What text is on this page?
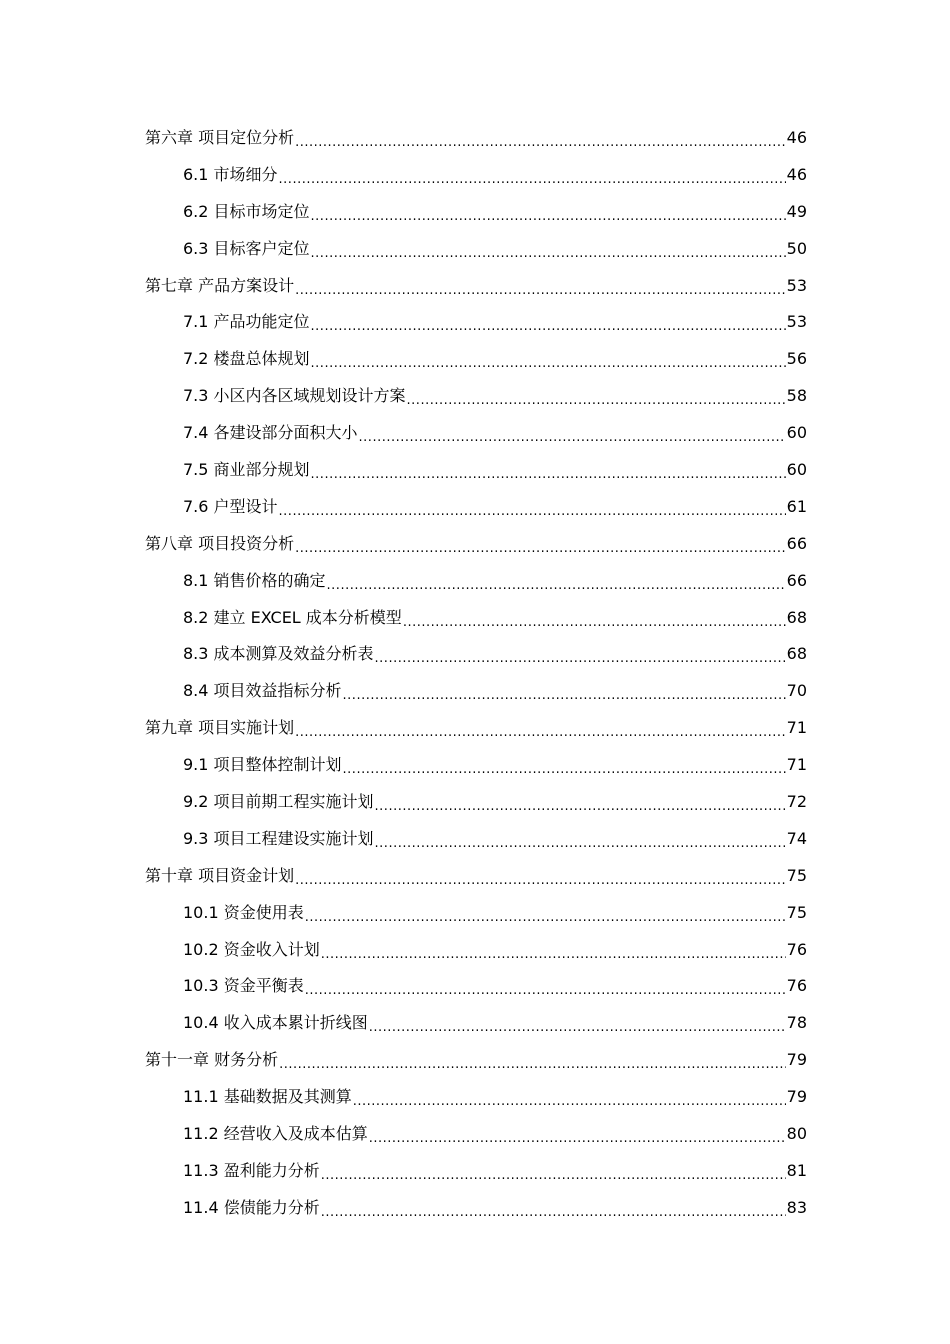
第六章 项目定位分析 .....	46
6.1 市场细分 .....	46
6.2 目标市场定位 .....	49
6.3 目标客户定位 .....	50
第七章 产品方案设计 .....	53
7.1 产品功能定位 .....	53
7.2 楼盘总体规划 .....	56
7.3 小区内各区域规划设计方案 .....	58
7.4 各建设部分面积大小 .....	60
7.5 商业部分规划 .....	60
7.6 户型设计 .....	61
第八章 项目投资分析 .....	66
8.1 销售价格的确定 .....	66
8.2 建立 EXCEL 成本分析模型 .....	68
8.3 成本测算及效益分析表 .....	68
8.4 项目效益指标分析 .....	70
第九章 项目实施计划 .....	71
9.1 项目整体控制计划 .....	71
9.2 项目前期工程实施计划 .....	72
9.3 项目工程建设实施计划 .....	74
第十章 项目资金计划 .....	75
10.1 资金使用表 .....	75
10.2 资金收入计划 .....	76
10.3 资金平衡表 .....	76
10.4 收入成本累计折线图 .....	78
第十一章 财务分析 .....	79
11.1 基础数据及其测算 .....	79
11.2 经营收入及成本估算 .....	80
11.3 盈利能力分析 .....	81
11.4 偿债能力分析 .....	83
